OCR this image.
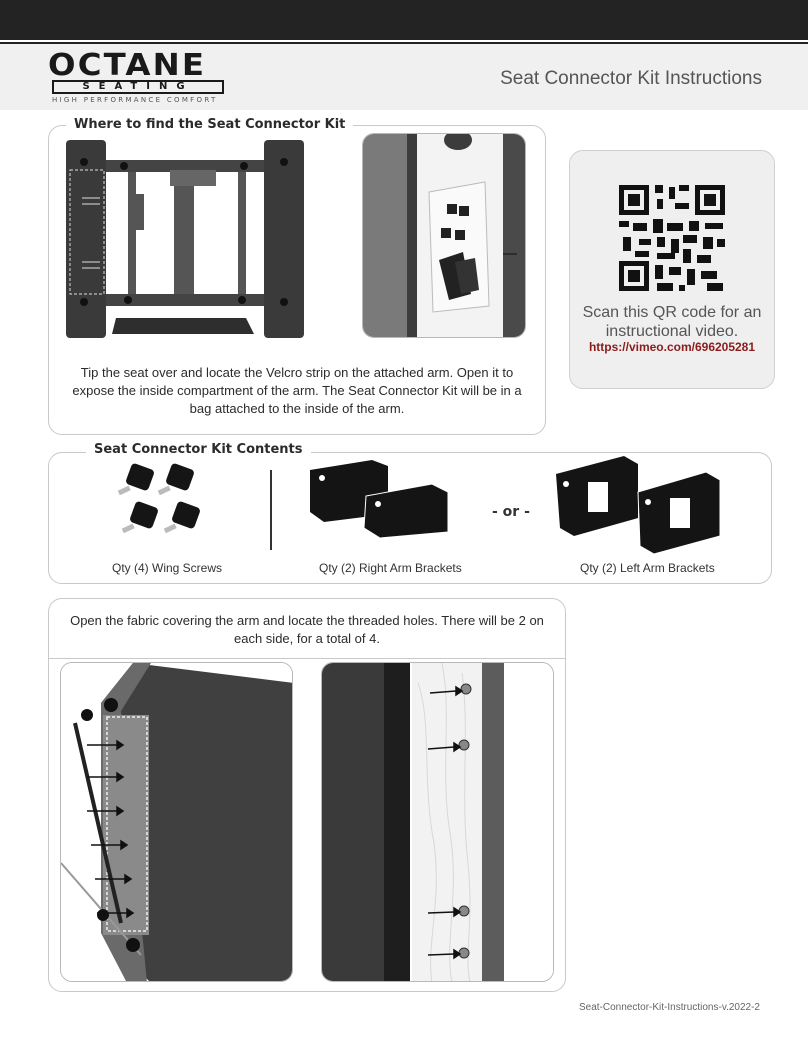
OCTANE
SEATING
HIGH PERFORMANCE COMFORT
Seat Connector Kit Instructions
Where to find the Seat Connector Kit
Tip the seat over and locate the Velcro strip on the attached arm. Open it to expose the inside compartment of the arm. The Seat Connector Kit will be in a bag attached to the inside of the arm.
Scan this QR code for an instructional video.
https://vimeo.com/696205281
Seat Connector Kit Contents
- or -
Qty (4) Wing Screws	Qty (2) Right Arm Brackets	Qty (2) Left Arm Brackets
Open the fabric covering the arm and locate the threaded holes. There will be 2 on each side, for a total of 4.
Seat-Connector-Kit-Instructions-v.2022-2
